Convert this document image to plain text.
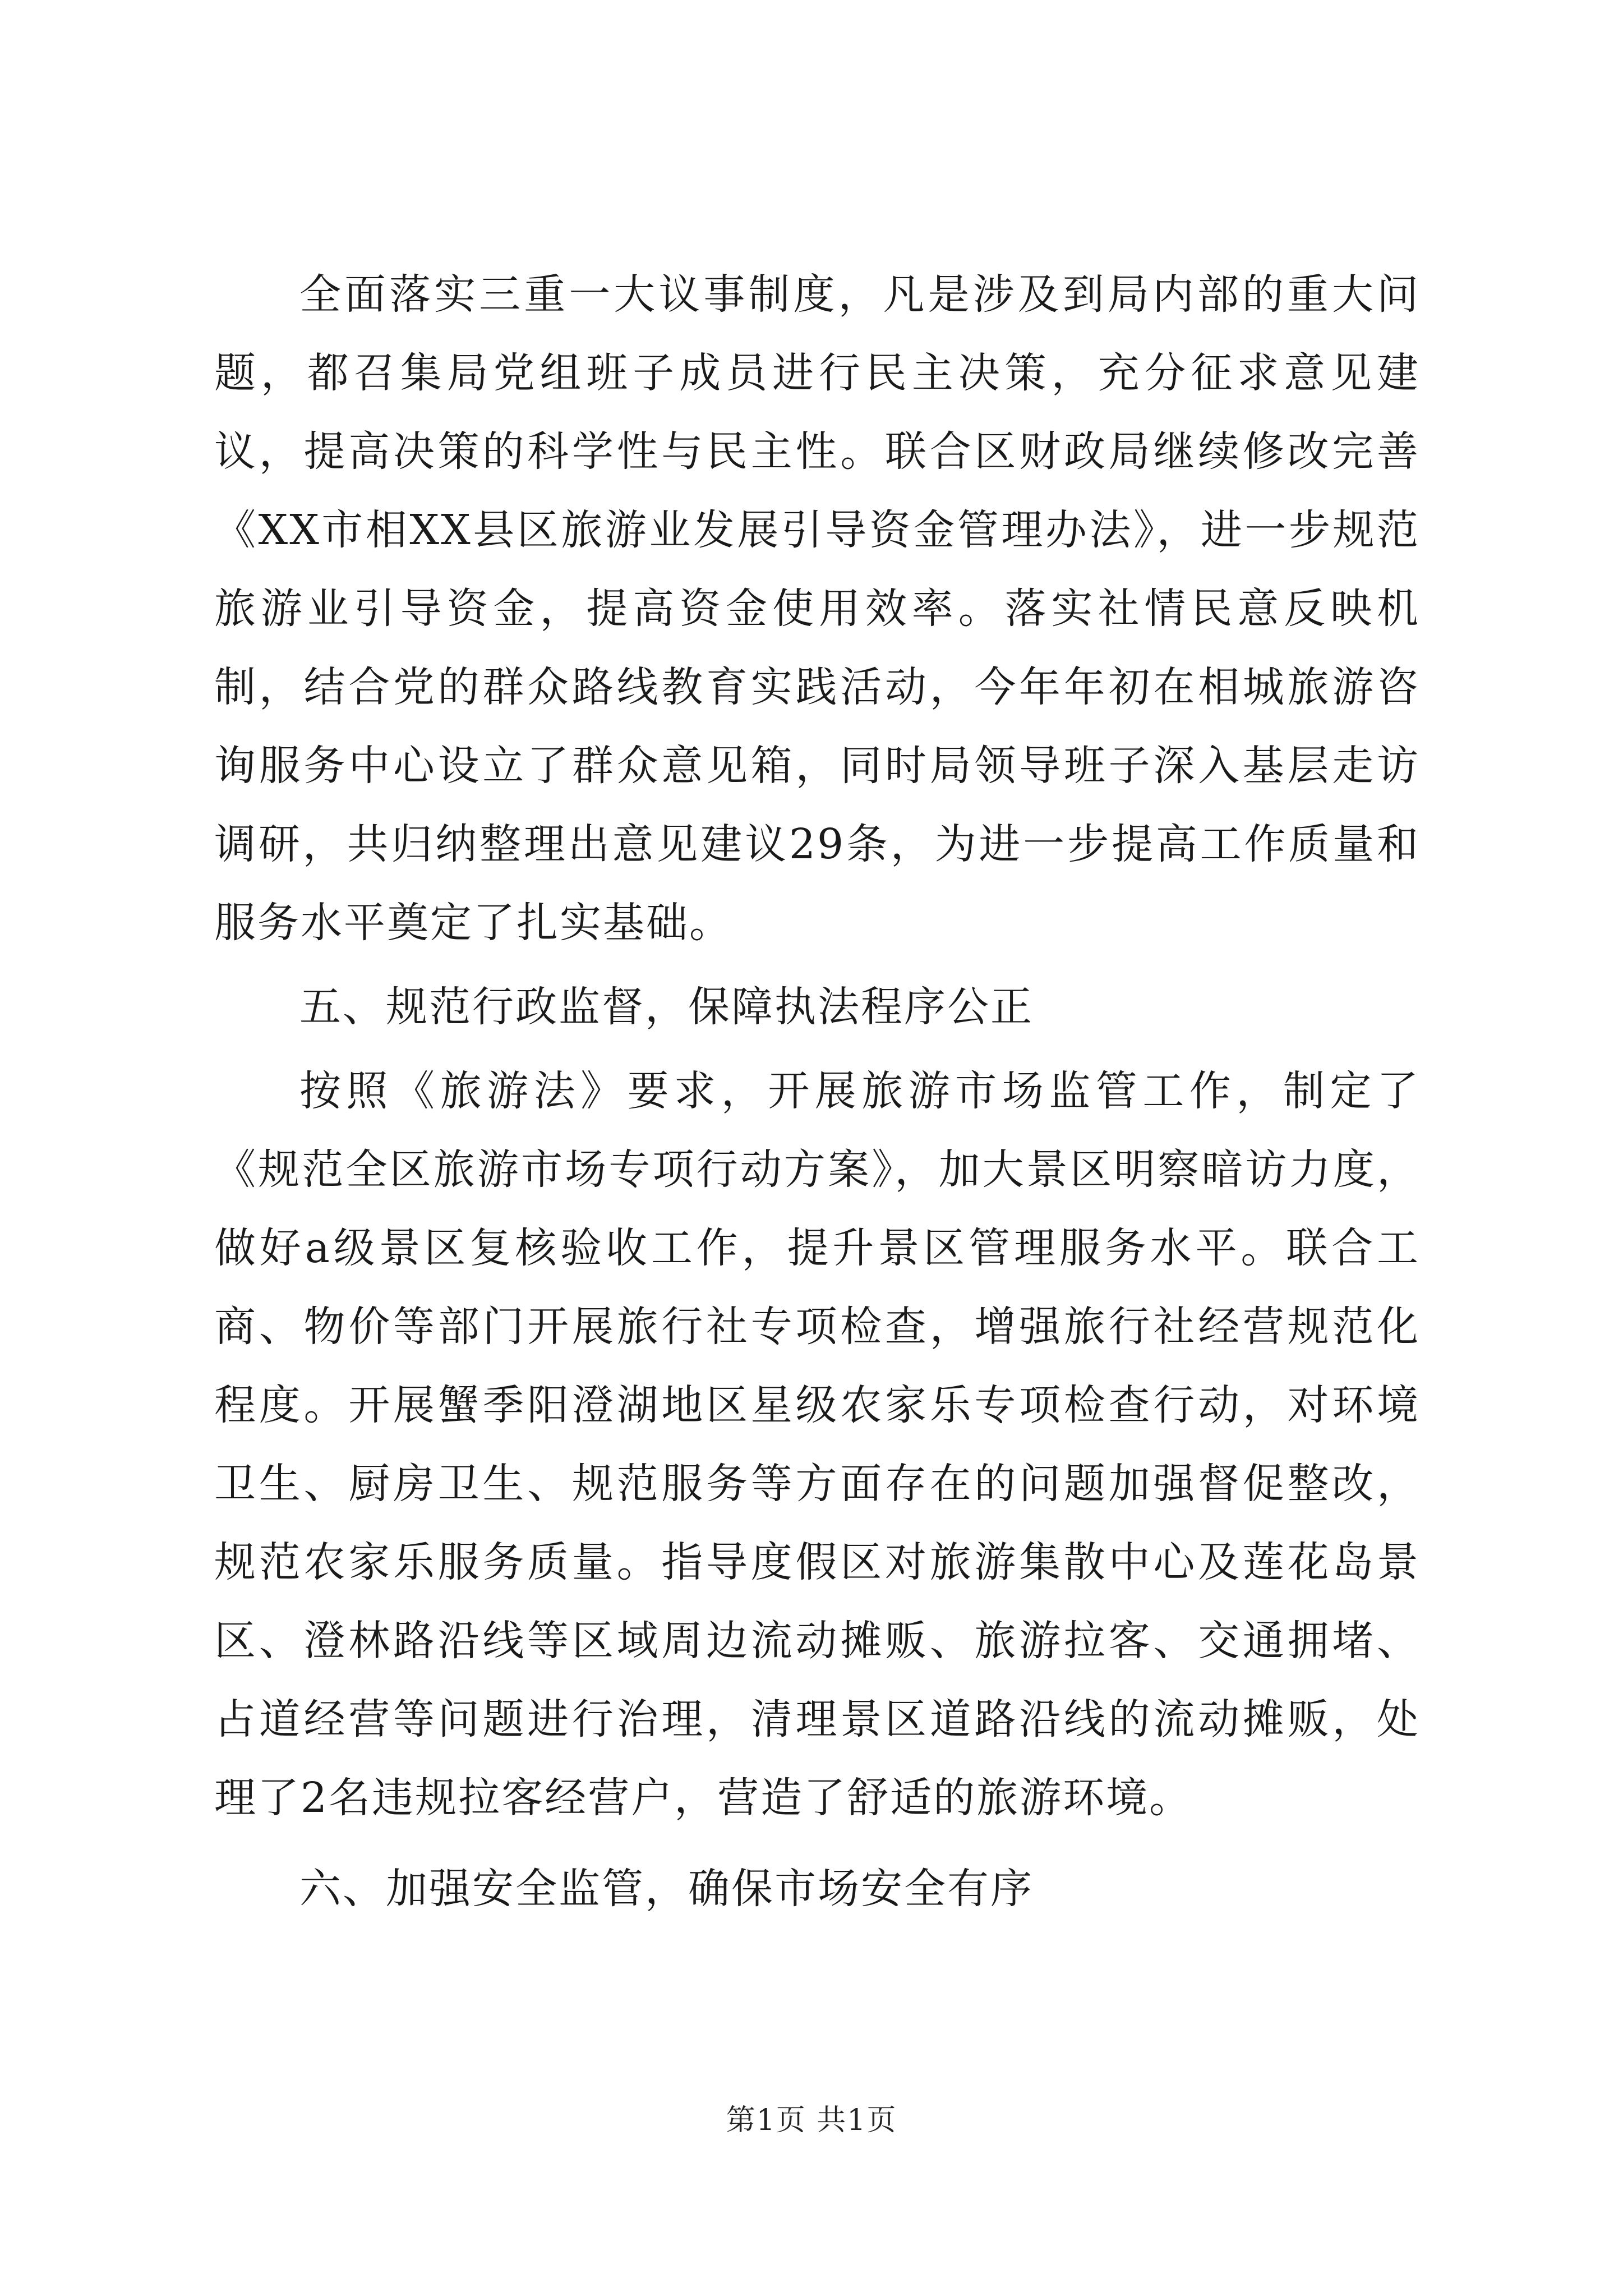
全面落实三重一大议事制度，凡是涉及到局内部的重大问题，都召集局党组班子成员进行民主决策，充分征求意见建议，提高决策的科学性与民主性。联合区财政局继续修改完善《XX市相XX县区旅游业发展引导资金管理办法》，进一步规范旅游业引导资金，提高资金使用效率。落实社情民意反映机制，结合党的群众路线教育实践活动，今年年初在相城旅游咨询服务中心设立了群众意见箱，同时局领导班子深入基层走访调研，共归纳整理出意见建议29条，为进一步提高工作质量和服务水平奠定了扎实基础。

五、规范行政监督，保障执法程序公正

按照《旅游法》要求，开展旅游市场监管工作，制定了《规范全区旅游市场专项行动方案》，加大景区明察暗访力度，做好a级景区复核验收工作，提升景区管理服务水平。联合工商、物价等部门开展旅行社专项检查，增强旅行社经营规范化程度。开展蟹季阳澄湖地区星级农家乐专项检查行动，对环境卫生、厨房卫生、规范服务等方面存在的问题加强督促整改，规范农家乐服务质量。指导度假区对旅游集散中心及莲花岛景区、澄林路沿线等区域周边流动摊贩、旅游拉客、交通拥堵、占道经营等问题进行治理，清理景区道路沿线的流动摊贩，处理了2名违规拉客经营户，营造了舒适的旅游环境。

六、加强安全监管，确保市场安全有序

第1页 共1页
